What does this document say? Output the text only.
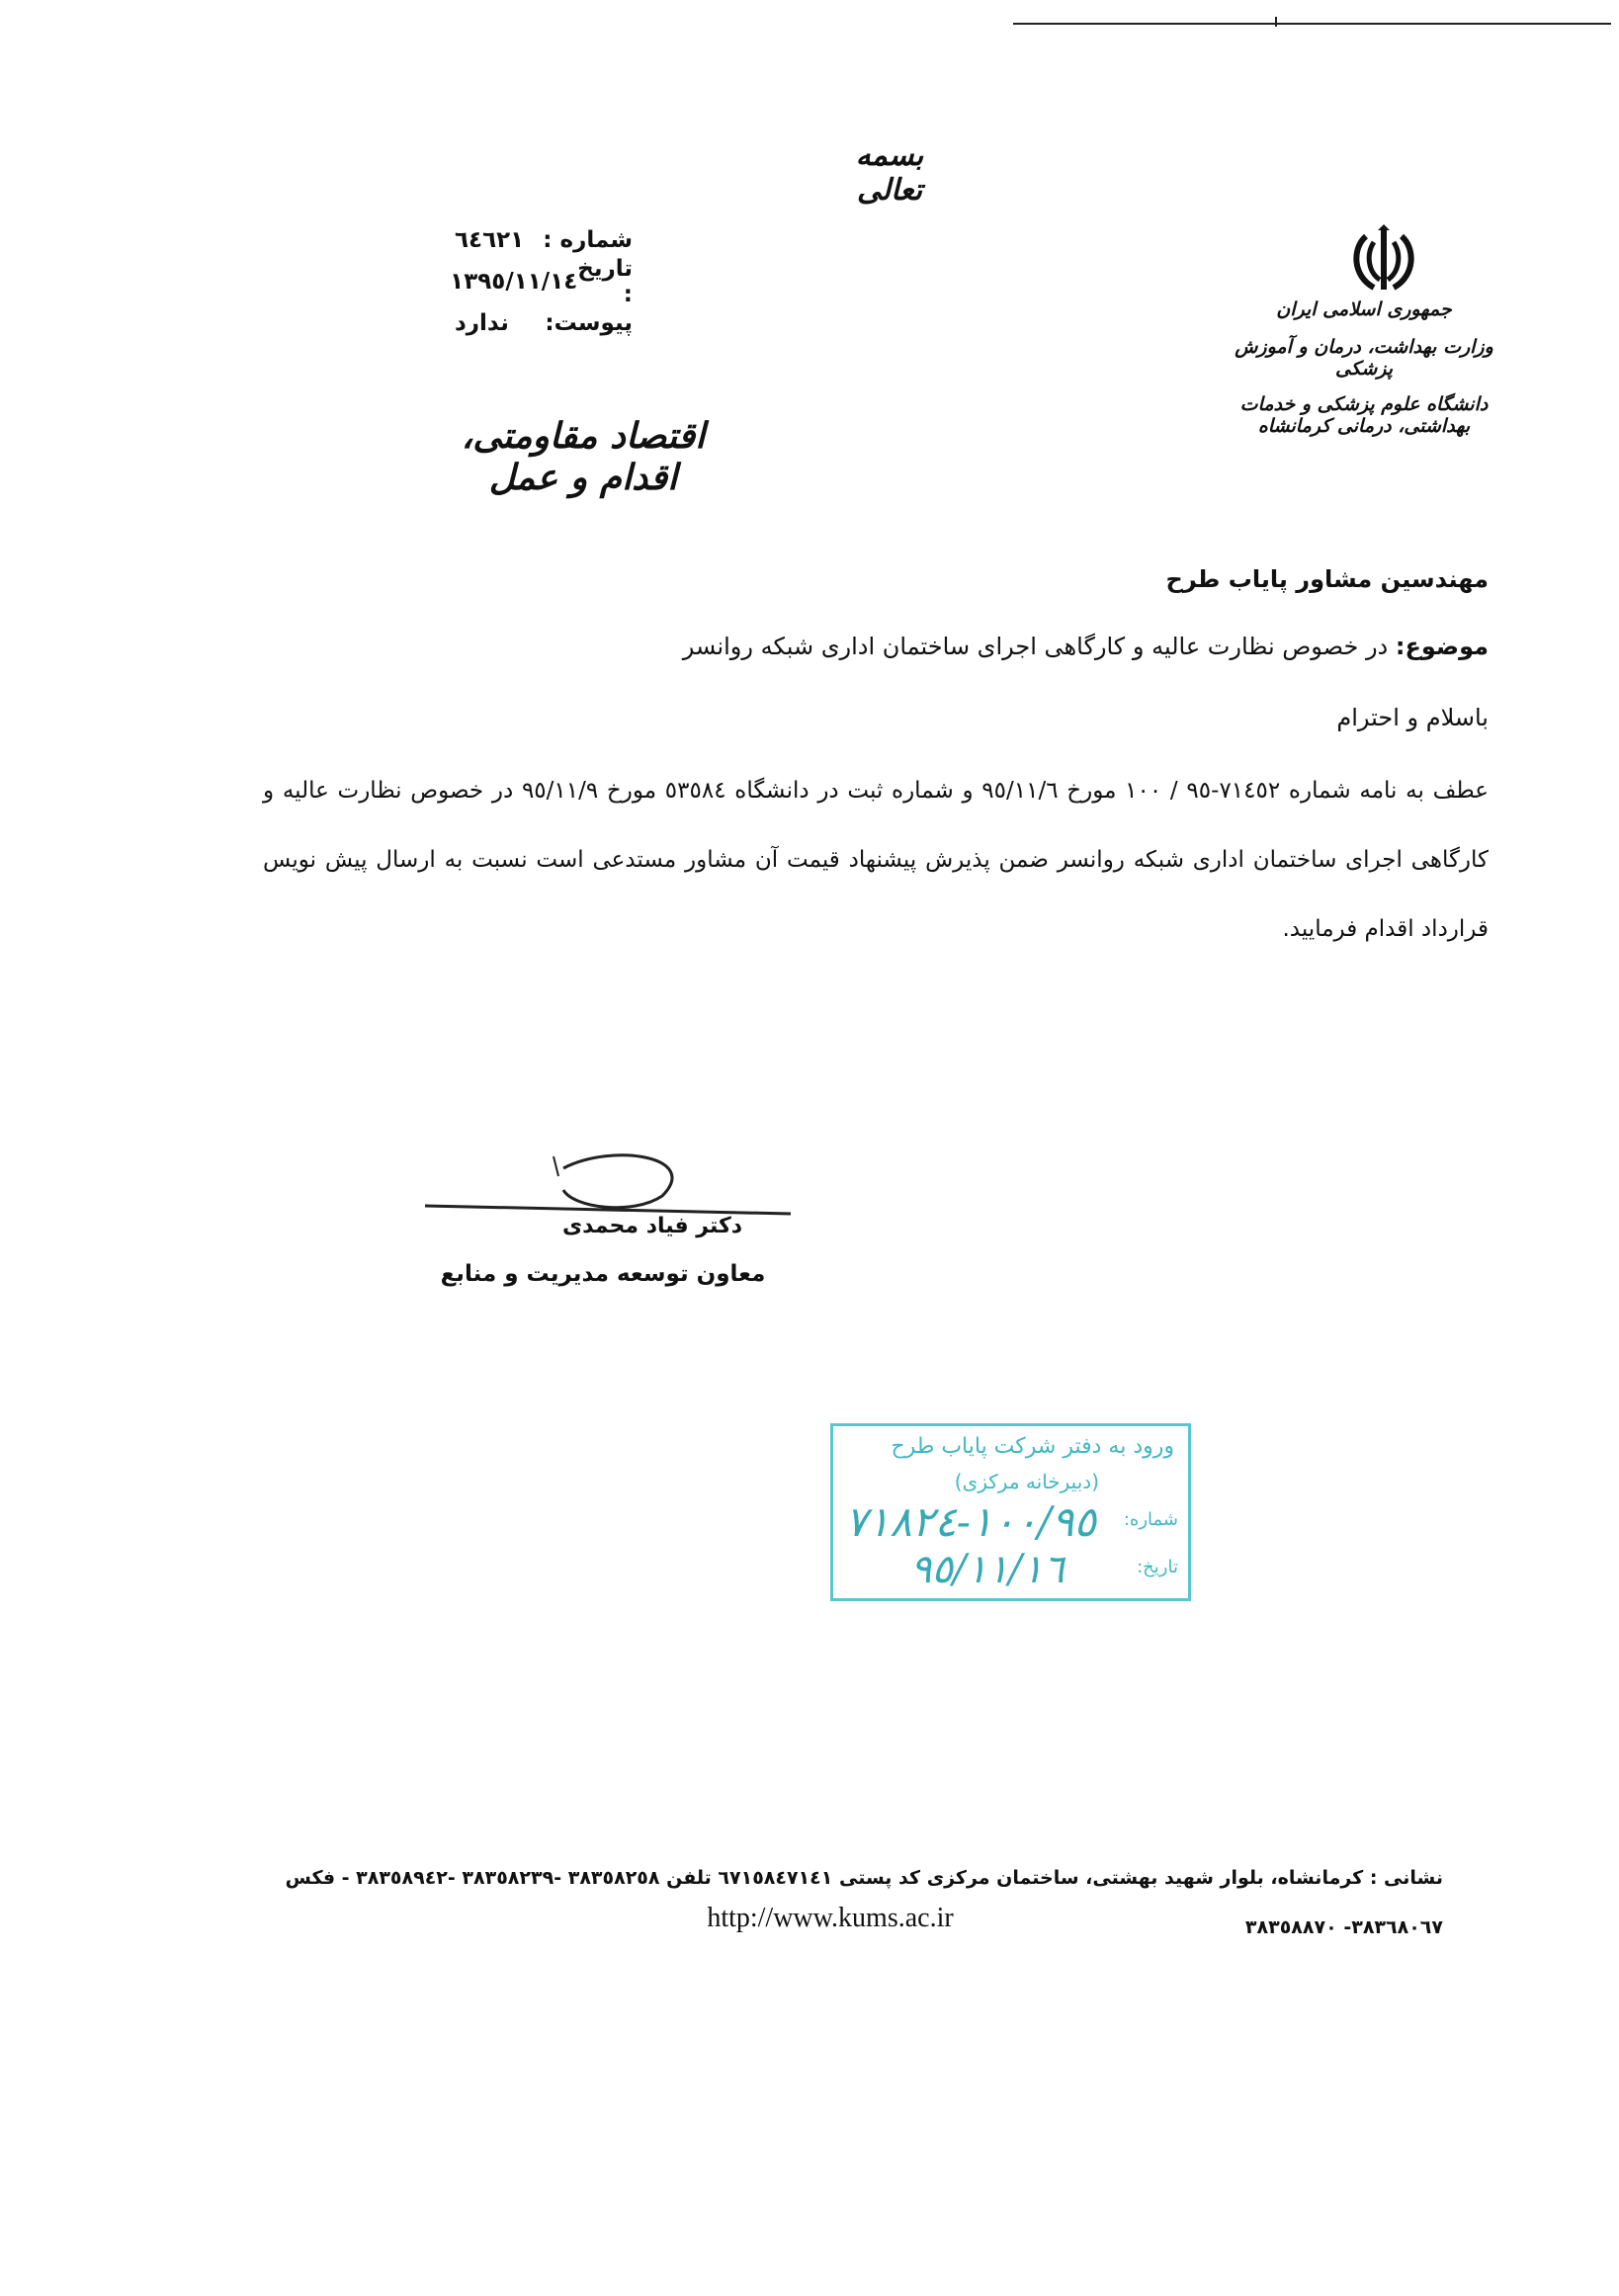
بسمه تعالی
شماره :
٦٤٦٢١
تاریخ :
١٣٩٥/١١/١٤
پیوست:
ندارد
جمهوری اسلامی ایران
وزارت بهداشت، درمان و آموزش پزشکی
دانشگاه علوم پزشکی و خدمات بهداشتی، درمانی کرمانشاه
اقتصاد مقاومتی، اقدام و عمل
مهندسین مشاور پایاب طرح
موضوع: در خصوص نظارت عالیه و کارگاهی اجرای ساختمان اداری شبکه روانسر
باسلام و احترام
عطف به نامه شماره ٧١٤٥٢-٩٥ / ١٠٠ مورخ ٩٥/١١/٦ و شماره ثبت در دانشگاه ٥٣٥٨٤ مورخ ٩٥/١١/٩ در خصوص نظارت عالیه و کارگاهی اجرای ساختمان اداری شبکه روانسر ضمن پذیرش پیشنهاد قیمت آن مشاور مستدعی است نسبت به ارسال پیش نویس قرارداد اقدام فرمایید.
دکتر فیاد محمدی
معاون توسعه مدیریت و منابع
ورود به دفتر شرکت پایاب طرح
(دبیرخانه مرکزی)
شماره:
تاریخ:
١٠٠/٩٥-٧١٨٢٤
٩٥/١١/١٦
نشانی : کرمانشاه، بلوار شهید بهشتی، ساختمان مرکزی کد پستی ٦٧١٥٨٤٧١٤١ تلفن ٣٨٣٥٨٢٥٨ -٣٨٣٥٨٢٣٩ -٣٨٣٥٨٩٤٢ - فکس ٣٨٣٦٨٠٦٧- ٣٨٣٥٨٨٧٠
http://www.kums.ac.ir
